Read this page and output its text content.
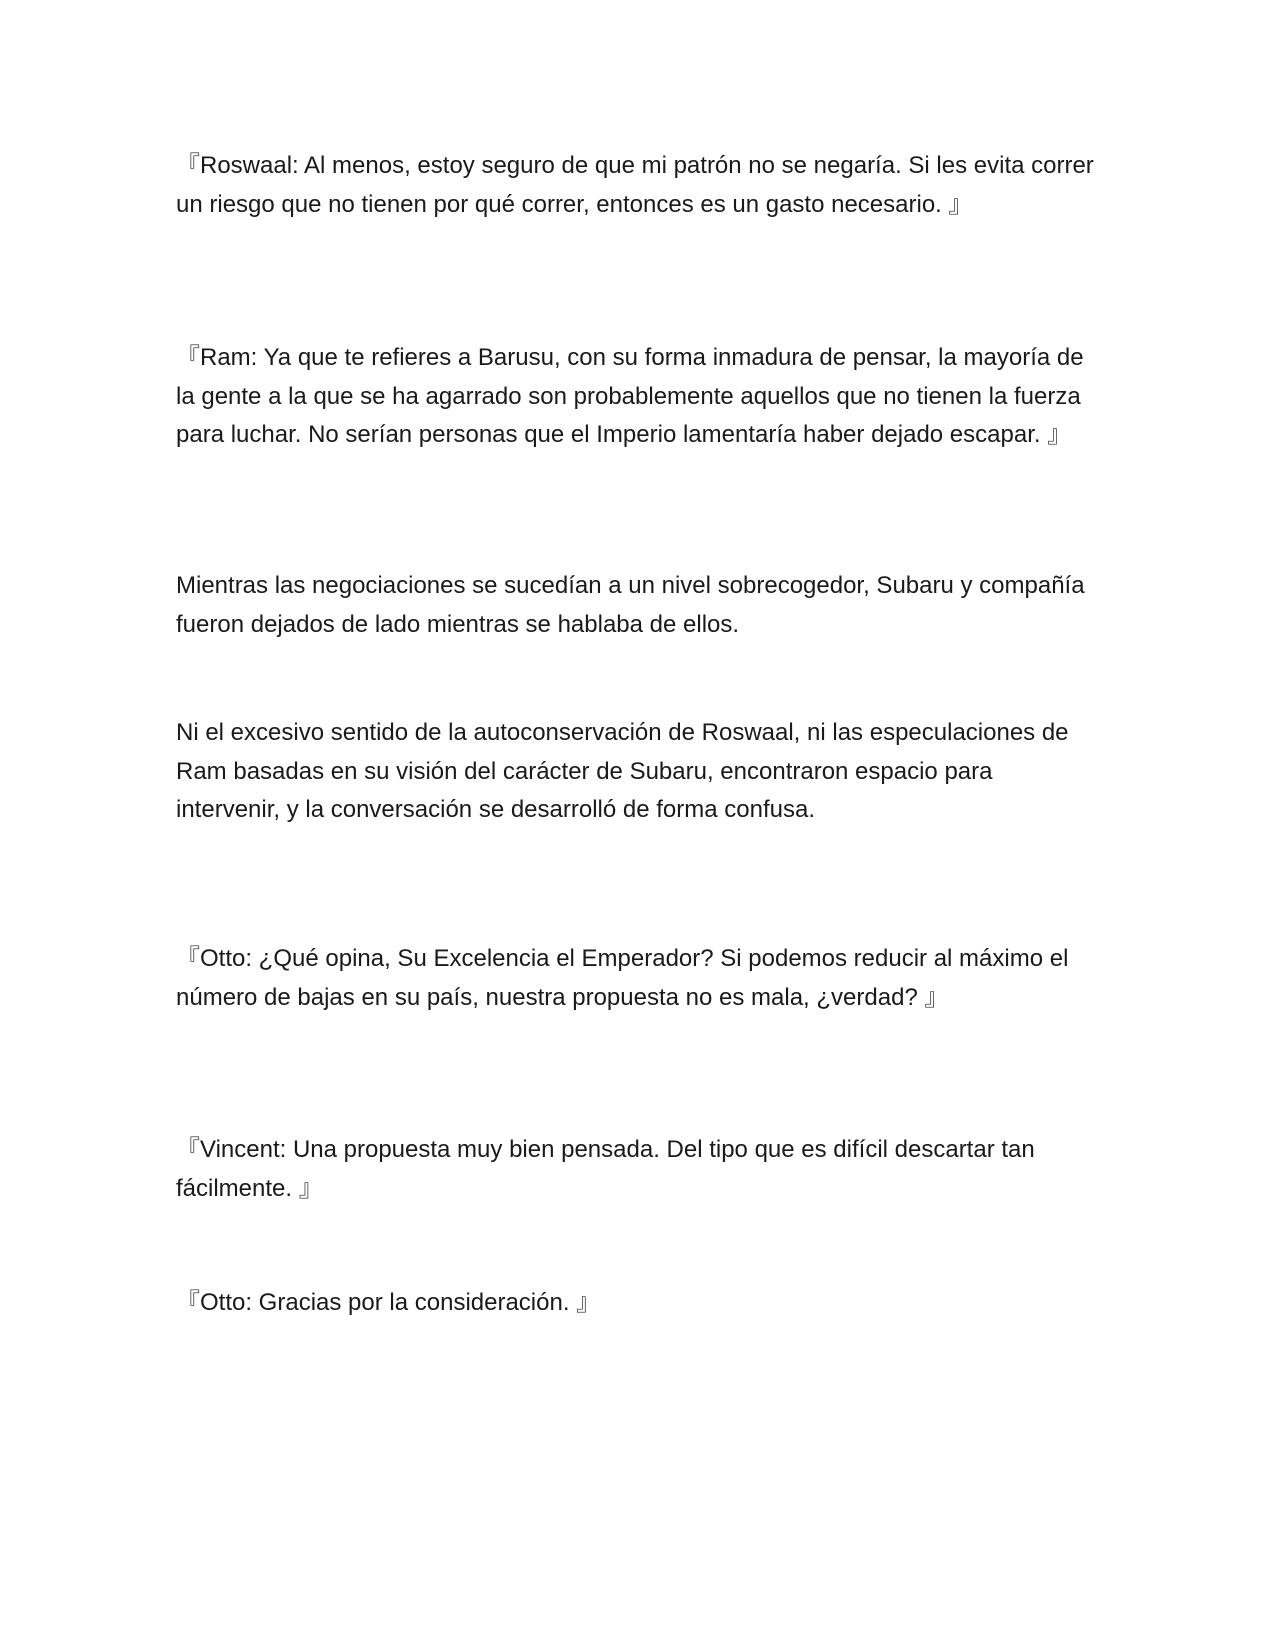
『Roswaal: Al menos, estoy seguro de que mi patrón no se negaría. Si les evita correr un riesgo que no tienen por qué correr, entonces es un gasto necesario. 』

『Ram: Ya que te refieres a Barusu, con su forma inmadura de pensar, la mayoría de la gente a la que se ha agarrado son probablemente aquellos que no tienen la fuerza para luchar. No serían personas que el Imperio lamentaría haber dejado escapar. 』

Mientras las negociaciones se sucedían a un nivel sobrecogedor, Subaru y compañía fueron dejados de lado mientras se hablaba de ellos.

Ni el excesivo sentido de la autoconservación de Roswaal, ni las especulaciones de Ram basadas en su visión del carácter de Subaru, encontraron espacio para intervenir, y la conversación se desarrolló de forma confusa.

『Otto: ¿Qué opina, Su Excelencia el Emperador? Si podemos reducir al máximo el número de bajas en su país, nuestra propuesta no es mala, ¿verdad? 』

『Vincent: Una propuesta muy bien pensada. Del tipo que es difícil descartar tan fácilmente. 』

『Otto: Gracias por la consideración. 』
